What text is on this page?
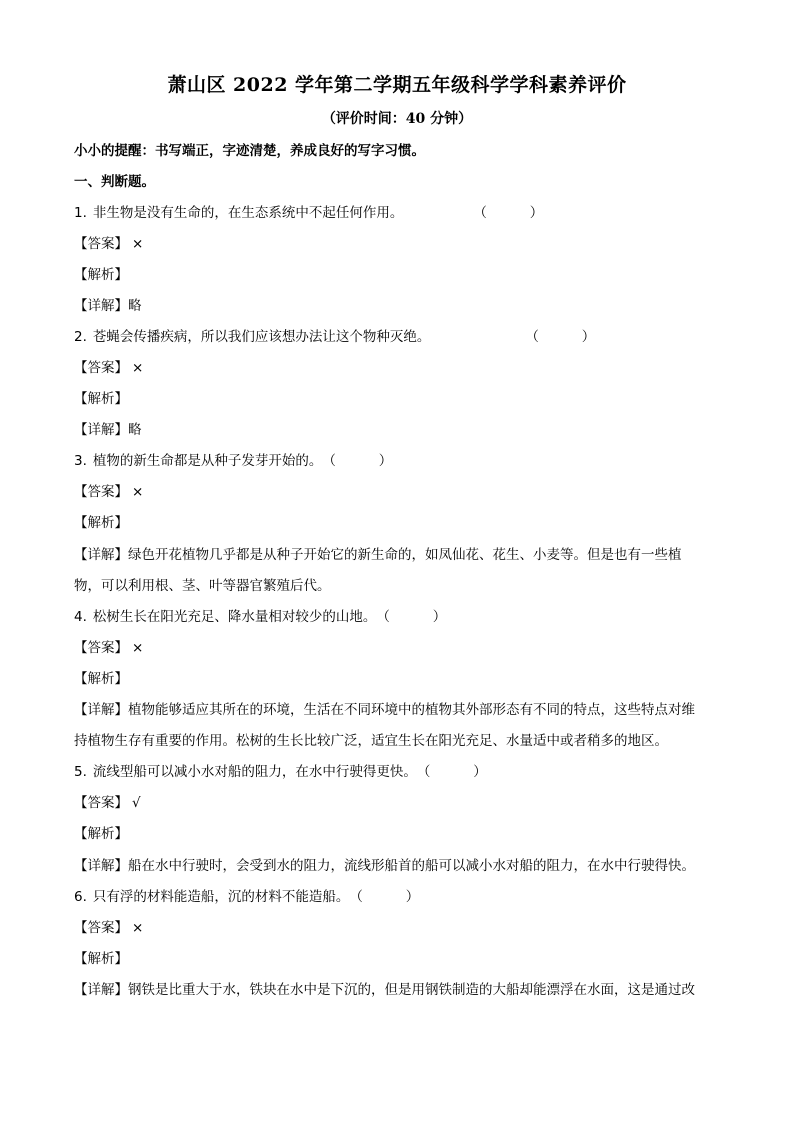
萧山区 2022 学年第二学期五年级科学学科素养评价
（评价时间：40 分钟）
小小的提醒：书写端正，字迹清楚，养成良好的写字习惯。
一、判断题。
1. 非生物是没有生命的，在生态系统中不起任何作用。	（          ）
【答案】 ×
【解析】
【详解】略
2. 苍蝇会传播疾病，所以我们应该想办法让这个物种灭绝。	（          ）
【答案】 ×
【解析】
【详解】略
3. 植物的新生命都是从种子发芽开始的。（          ）
【答案】 ×
【解析】
【详解】绿色开花植物几乎都是从种子开始它的新生命的，如凤仙花、花生、小麦等。但是也有一些植
物，可以利用根、茎、叶等器官繁殖后代。
4. 松树生长在阳光充足、降水量相对较少的山地。（          ）
【答案】 ×
【解析】
【详解】植物能够适应其所在的环境，生活在不同环境中的植物其外部形态有不同的特点，这些特点对维
持植物生存有重要的作用。松树的生长比较广泛，适宜生长在阳光充足、水量适中或者稍多的地区。
5. 流线型船可以减小水对船的阻力，在水中行驶得更快。（          ）
【答案】 √
【解析】
【详解】船在水中行驶时，会受到水的阻力，流线形船首的船可以减小水对船的阻力，在水中行驶得快。
6. 只有浮的材料能造船，沉的材料不能造船。（          ）
【答案】 ×
【解析】
【详解】钢铁是比重大于水，铁块在水中是下沉的，但是用钢铁制造的大船却能漂浮在水面，这是通过改
